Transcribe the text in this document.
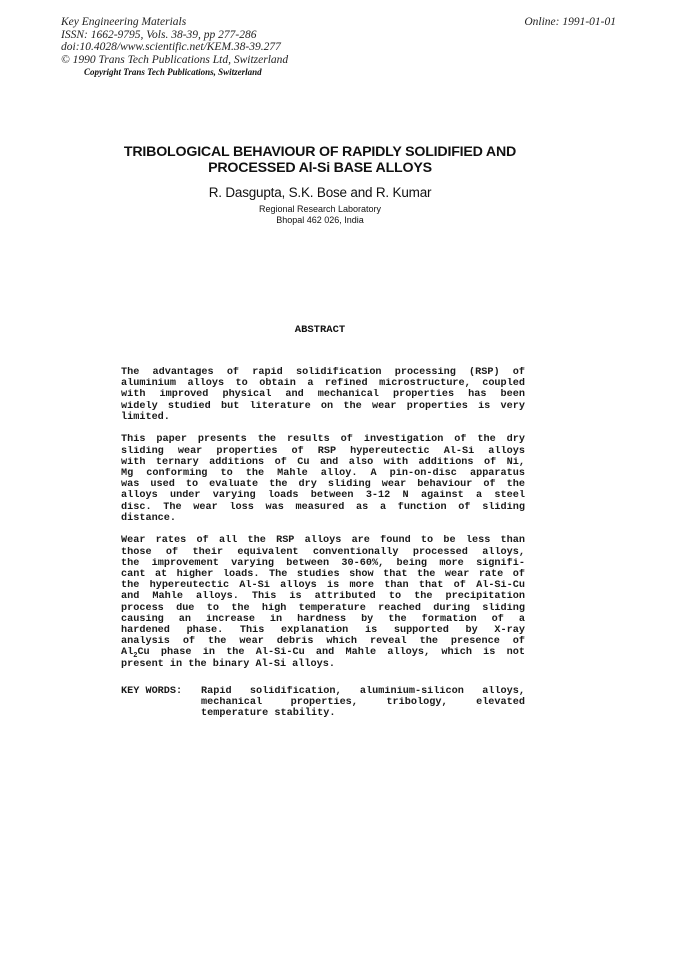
Key Engineering Materials
ISSN: 1662-9795, Vols. 38-39, pp 277-286
doi:10.4028/www.scientific.net/KEM.38-39.277
© 1990 Trans Tech Publications Ltd, Switzerland
Online: 1991-01-01
Copyright Trans Tech Publications, Switzerland
TRIBOLOGICAL BEHAVIOUR OF RAPIDLY SOLIDIFIED AND
PROCESSED Al-Si BASE ALLOYS
R. Dasgupta, S.K. Bose and R. Kumar
Regional Research Laboratory
Bhopal 462 026, India
ABSTRACT
The advantages of rapid solidification processing (RSP) of
aluminium alloys to obtain a refined microstructure, coupled
with improved physical and mechanical properties has been
widely studied but literature on the wear properties is very
limited.
This paper presents the results of investigation of the dry
sliding wear properties of RSP hypereutectic Al-Si alloys
with ternary additions of Cu and also with additions of Ni,
Mg conforming to the Mahle alloy. A pin-on-disc apparatus
was used to evaluate the dry sliding wear behaviour of the
alloys under varying loads between 3-12 N against a steel
disc. The wear loss was measured as a function of sliding
distance.
Wear rates of all the RSP alloys are found to be less than
those of their equivalent conventionally processed alloys,
the improvement varying between 30-60%, being more signifi-
cant at higher loads. The studies show that the wear rate of
the hypereutectic Al-Si alloys is more than that of Al-Si-Cu
and Mahle alloys. This is attributed to the precipitation
process due to the high temperature reached during sliding
causing an increase in hardness by the formation of a
hardened phase. This explanation is supported by X-ray
analysis of the wear debris which reveal the presence of
$Al_2Cu$ phase in the Al-Si-Cu and Mahle alloys, which is not
present in the binary Al-Si alloys.
KEY WORDS: Rapid solidification, aluminium-silicon alloys,
mechanical properties, tribology, elevated
temperature stability.
